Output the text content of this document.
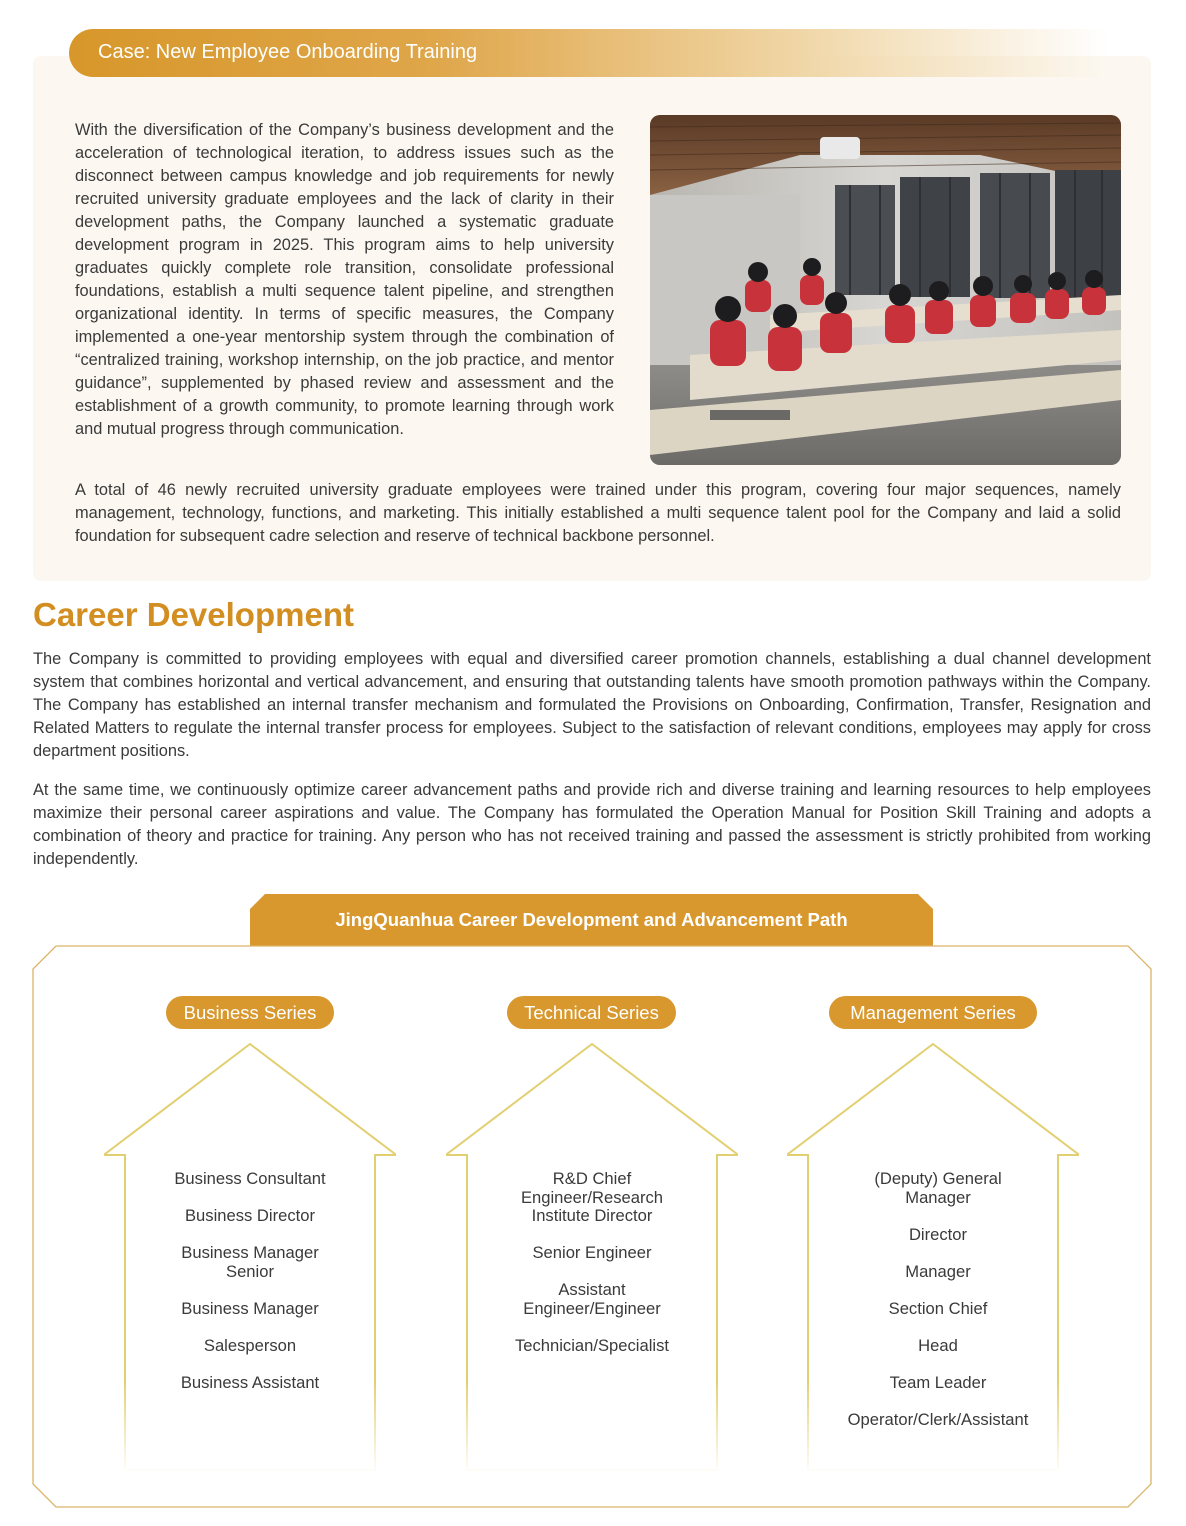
Case: New Employee Onboarding Training

With the diversification of the Company’s business development and the acceleration of technological iteration, to address issues such as the disconnect between campus knowledge and job requirements for newly recruited university graduate employees and the lack of clarity in their development paths, the Company launched a systematic graduate development program in 2025. This program aims to help university graduates quickly complete role transition, consolidate professional foundations, establish a multi sequence talent pipeline, and strengthen organizational identity. In terms of specific measures, the Company implemented a one-year mentorship system through the combination of “centralized training, workshop internship, on the job practice, and mentor guidance”, supplemented by phased review and assessment and the establishment of a growth community, to promote learning through work and mutual progress through communication.

A total of 46 newly recruited university graduate employees were trained under this program, covering four major sequences, namely management, technology, functions, and marketing. This initially established a multi sequence talent pool for the Company and laid a solid foundation for subsequent cadre selection and reserve of technical backbone personnel.

Career Development

The Company is committed to providing employees with equal and diversified career promotion channels, establishing a dual channel development system that combines horizontal and vertical advancement, and ensuring that outstanding talents have smooth promotion pathways within the Company. The Company has established an internal transfer mechanism and formulated the Provisions on Onboarding, Confirmation, Transfer, Resignation and Related Matters to regulate the internal transfer process for employees. Subject to the satisfaction of relevant conditions, employees may apply for cross department positions.

At the same time, we continuously optimize career advancement paths and provide rich and diverse training and learning resources to help employees maximize their personal career aspirations and value. The Company has formulated the Operation Manual for Position Skill Training and adopts a combination of theory and practice for training. Any person who has not received training and passed the assessment is strictly prohibited from working independently.

JingQuanhua Career Development and Advancement Path
Business Series	Technical Series	Management Series
Business Consultant
Business Director
Business Manager Senior
Business Manager
Salesperson
Business Assistant
R&D Chief Engineer/Research Institute Director
Senior Engineer
Assistant Engineer/Engineer
Technician/Specialist
(Deputy) General Manager
Director
Manager
Section Chief
Head
Team Leader
Operator/Clerk/Assistant
